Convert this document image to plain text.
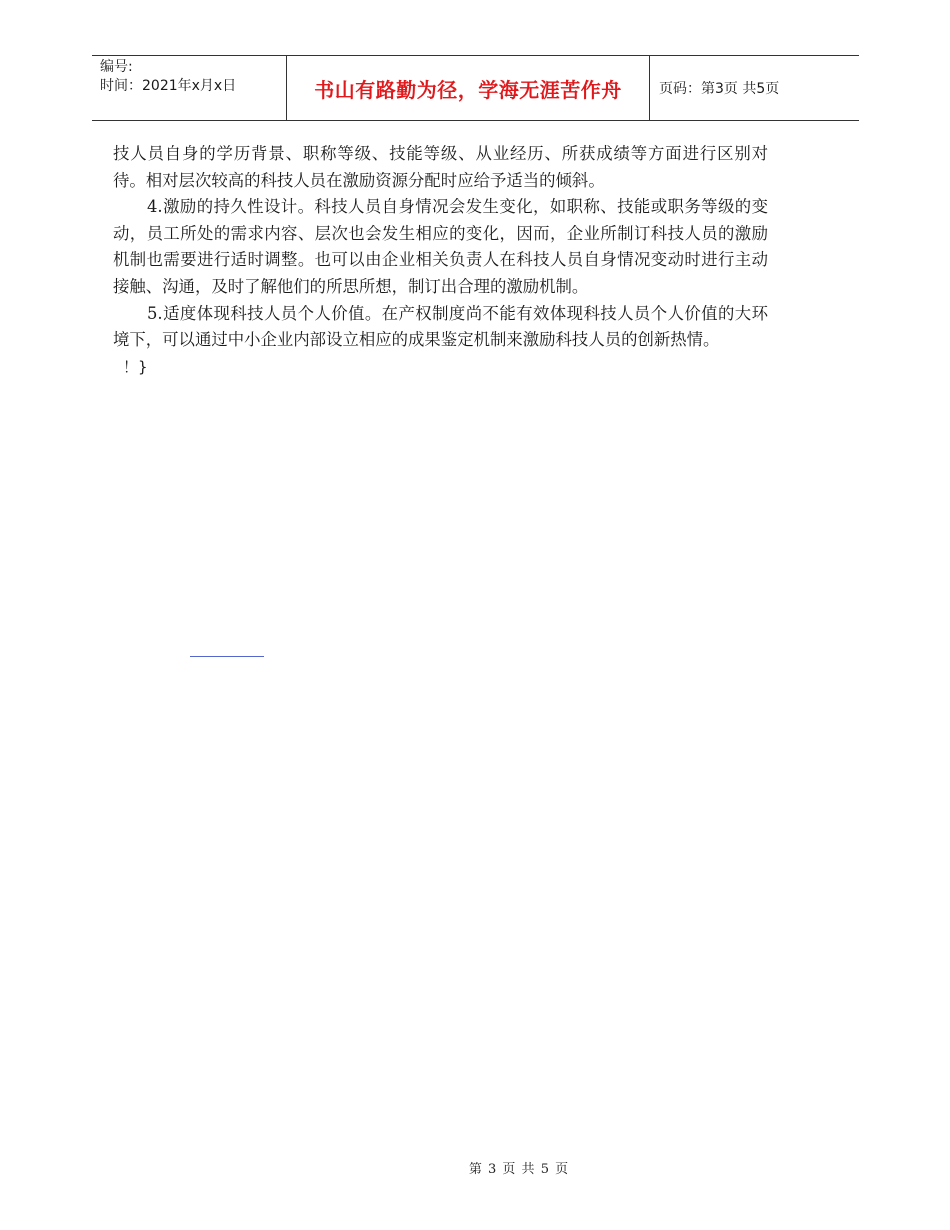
编号:
时间：2021年x月x日	书山有路勤为径，学海无涯苦作舟	页码：第3页 共5页

技人员自身的学历背景、职称等级、技能等级、从业经历、所获成绩等方面进行区别对待。相对层次较高的科技人员在激励资源分配时应给予适当的倾斜。

4.激励的持久性设计。科技人员自身情况会发生变化，如职称、技能或职务等级的变动，员工所处的需求内容、层次也会发生相应的变化，因而，企业所制订科技人员的激励机制也需要进行适时调整。也可以由企业相关负责人在科技人员自身情况变动时进行主动接触、沟通，及时了解他们的所思所想，制订出合理的激励机制。

5.适度体现科技人员个人价值。在产权制度尚不能有效体现科技人员个人价值的大环境下，可以通过中小企业内部设立相应的成果鉴定机制来激励科技人员的创新热情。

！}

第 3 页 共 5 页
